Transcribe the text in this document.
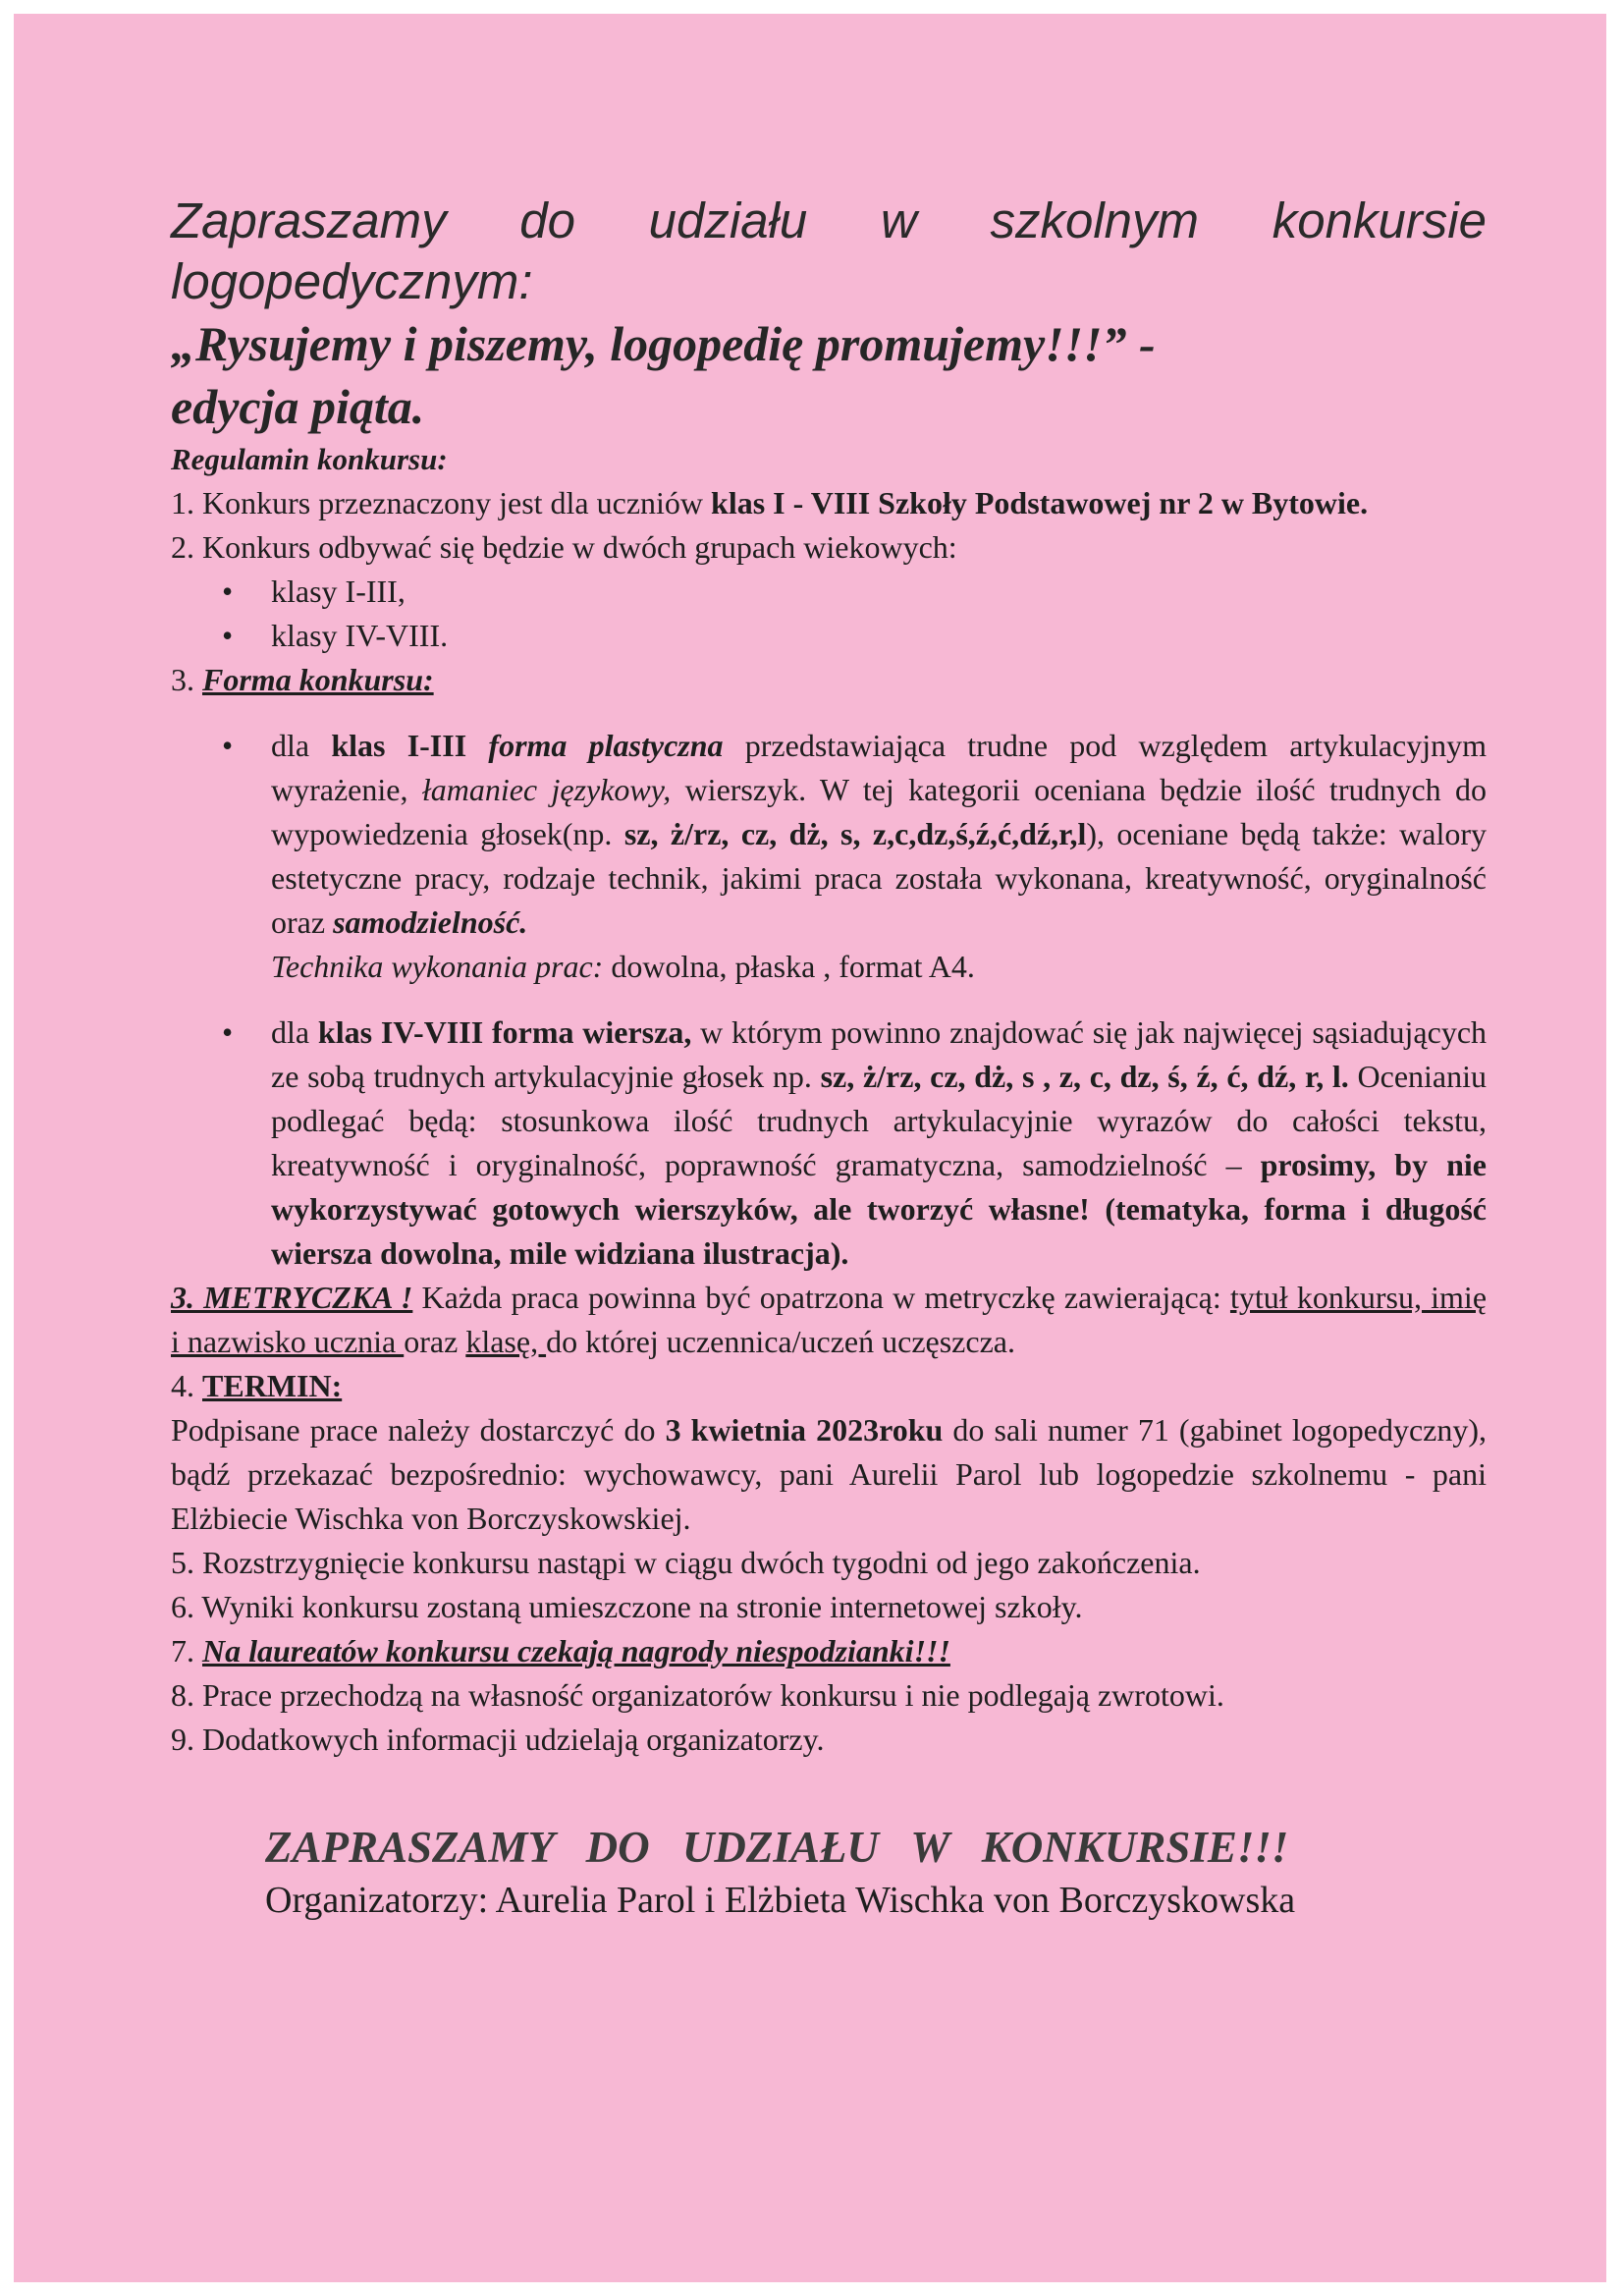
Zapraszamy do udziału w szkolnym konkursie

logopedycznym:

„Rysujemy i piszemy, logopedię promujemy!!!” -

edycja piąta.

Regulamin konkursu:

1. Konkurs przeznaczony jest dla uczniów klas I - VIII Szkoły Podstawowej nr 2 w Bytowie.

2. Konkurs odbywać się będzie w dwóch grupach wiekowych:

• klasy I-III,
• klasy IV-VIII.

3. Forma konkursu:

• dla klas I-III forma plastyczna przedstawiająca trudne pod względem artykulacyjnym wyrażenie, łamaniec językowy, wierszyk. W tej kategorii oceniana będzie ilość trudnych do wypowiedzenia głosek(np. sz, ż/rz, cz, dż, s, z,c,dz,ś,ź,ć,dź,r,l), oceniane będą także: walory estetyczne pracy, rodzaje technik, jakimi praca została wykonana, kreatywność, oryginalność oraz samodzielność.
Technika wykonania prac: dowolna, płaska , format A4.
• dla klas IV-VIII forma wiersza, w którym powinno znajdować się jak najwięcej sąsiadujących ze sobą trudnych artykulacyjnie głosek np. sz, ż/rz, cz, dż, s , z, c, dz, ś, ź, ć, dź, r, l. Ocenianiu podlegać będą: stosunkowa ilość trudnych artykulacyjnie wyrazów do całości tekstu, kreatywność i oryginalność, poprawność gramatyczna, samodzielność – prosimy, by nie wykorzystywać gotowych wierszyków, ale tworzyć własne! (tematyka, forma i długość wiersza dowolna, mile widziana ilustracja).

3. METRYCZKA ! Każda praca powinna być opatrzona w metryczkę zawierającą: tytuł konkursu, imię i nazwisko ucznia oraz klasę, do której uczennica/uczeń uczęszcza.

4. TERMIN:

Podpisane prace należy dostarczyć do 3 kwietnia 2023roku do sali numer 71 (gabinet logopedyczny), bądź przekazać bezpośrednio: wychowawcy, pani Aurelii Parol lub logopedzie szkolnemu - pani Elżbiecie Wischka von Borczyskowskiej.

5. Rozstrzygnięcie konkursu nastąpi w ciągu dwóch tygodni od jego zakończenia.

6. Wyniki konkursu zostaną umieszczone na stronie internetowej szkoły.

7. Na laureatów konkursu czekają nagrody niespodzianki!!!

8. Prace przechodzą na własność organizatorów konkursu i nie podlegają zwrotowi.

9. Dodatkowych informacji udzielają organizatorzy.

ZAPRASZAMY DO UDZIAŁU W KONKURSIE!!!

Organizatorzy: Aurelia Parol i Elżbieta Wischka von Borczyskowska
